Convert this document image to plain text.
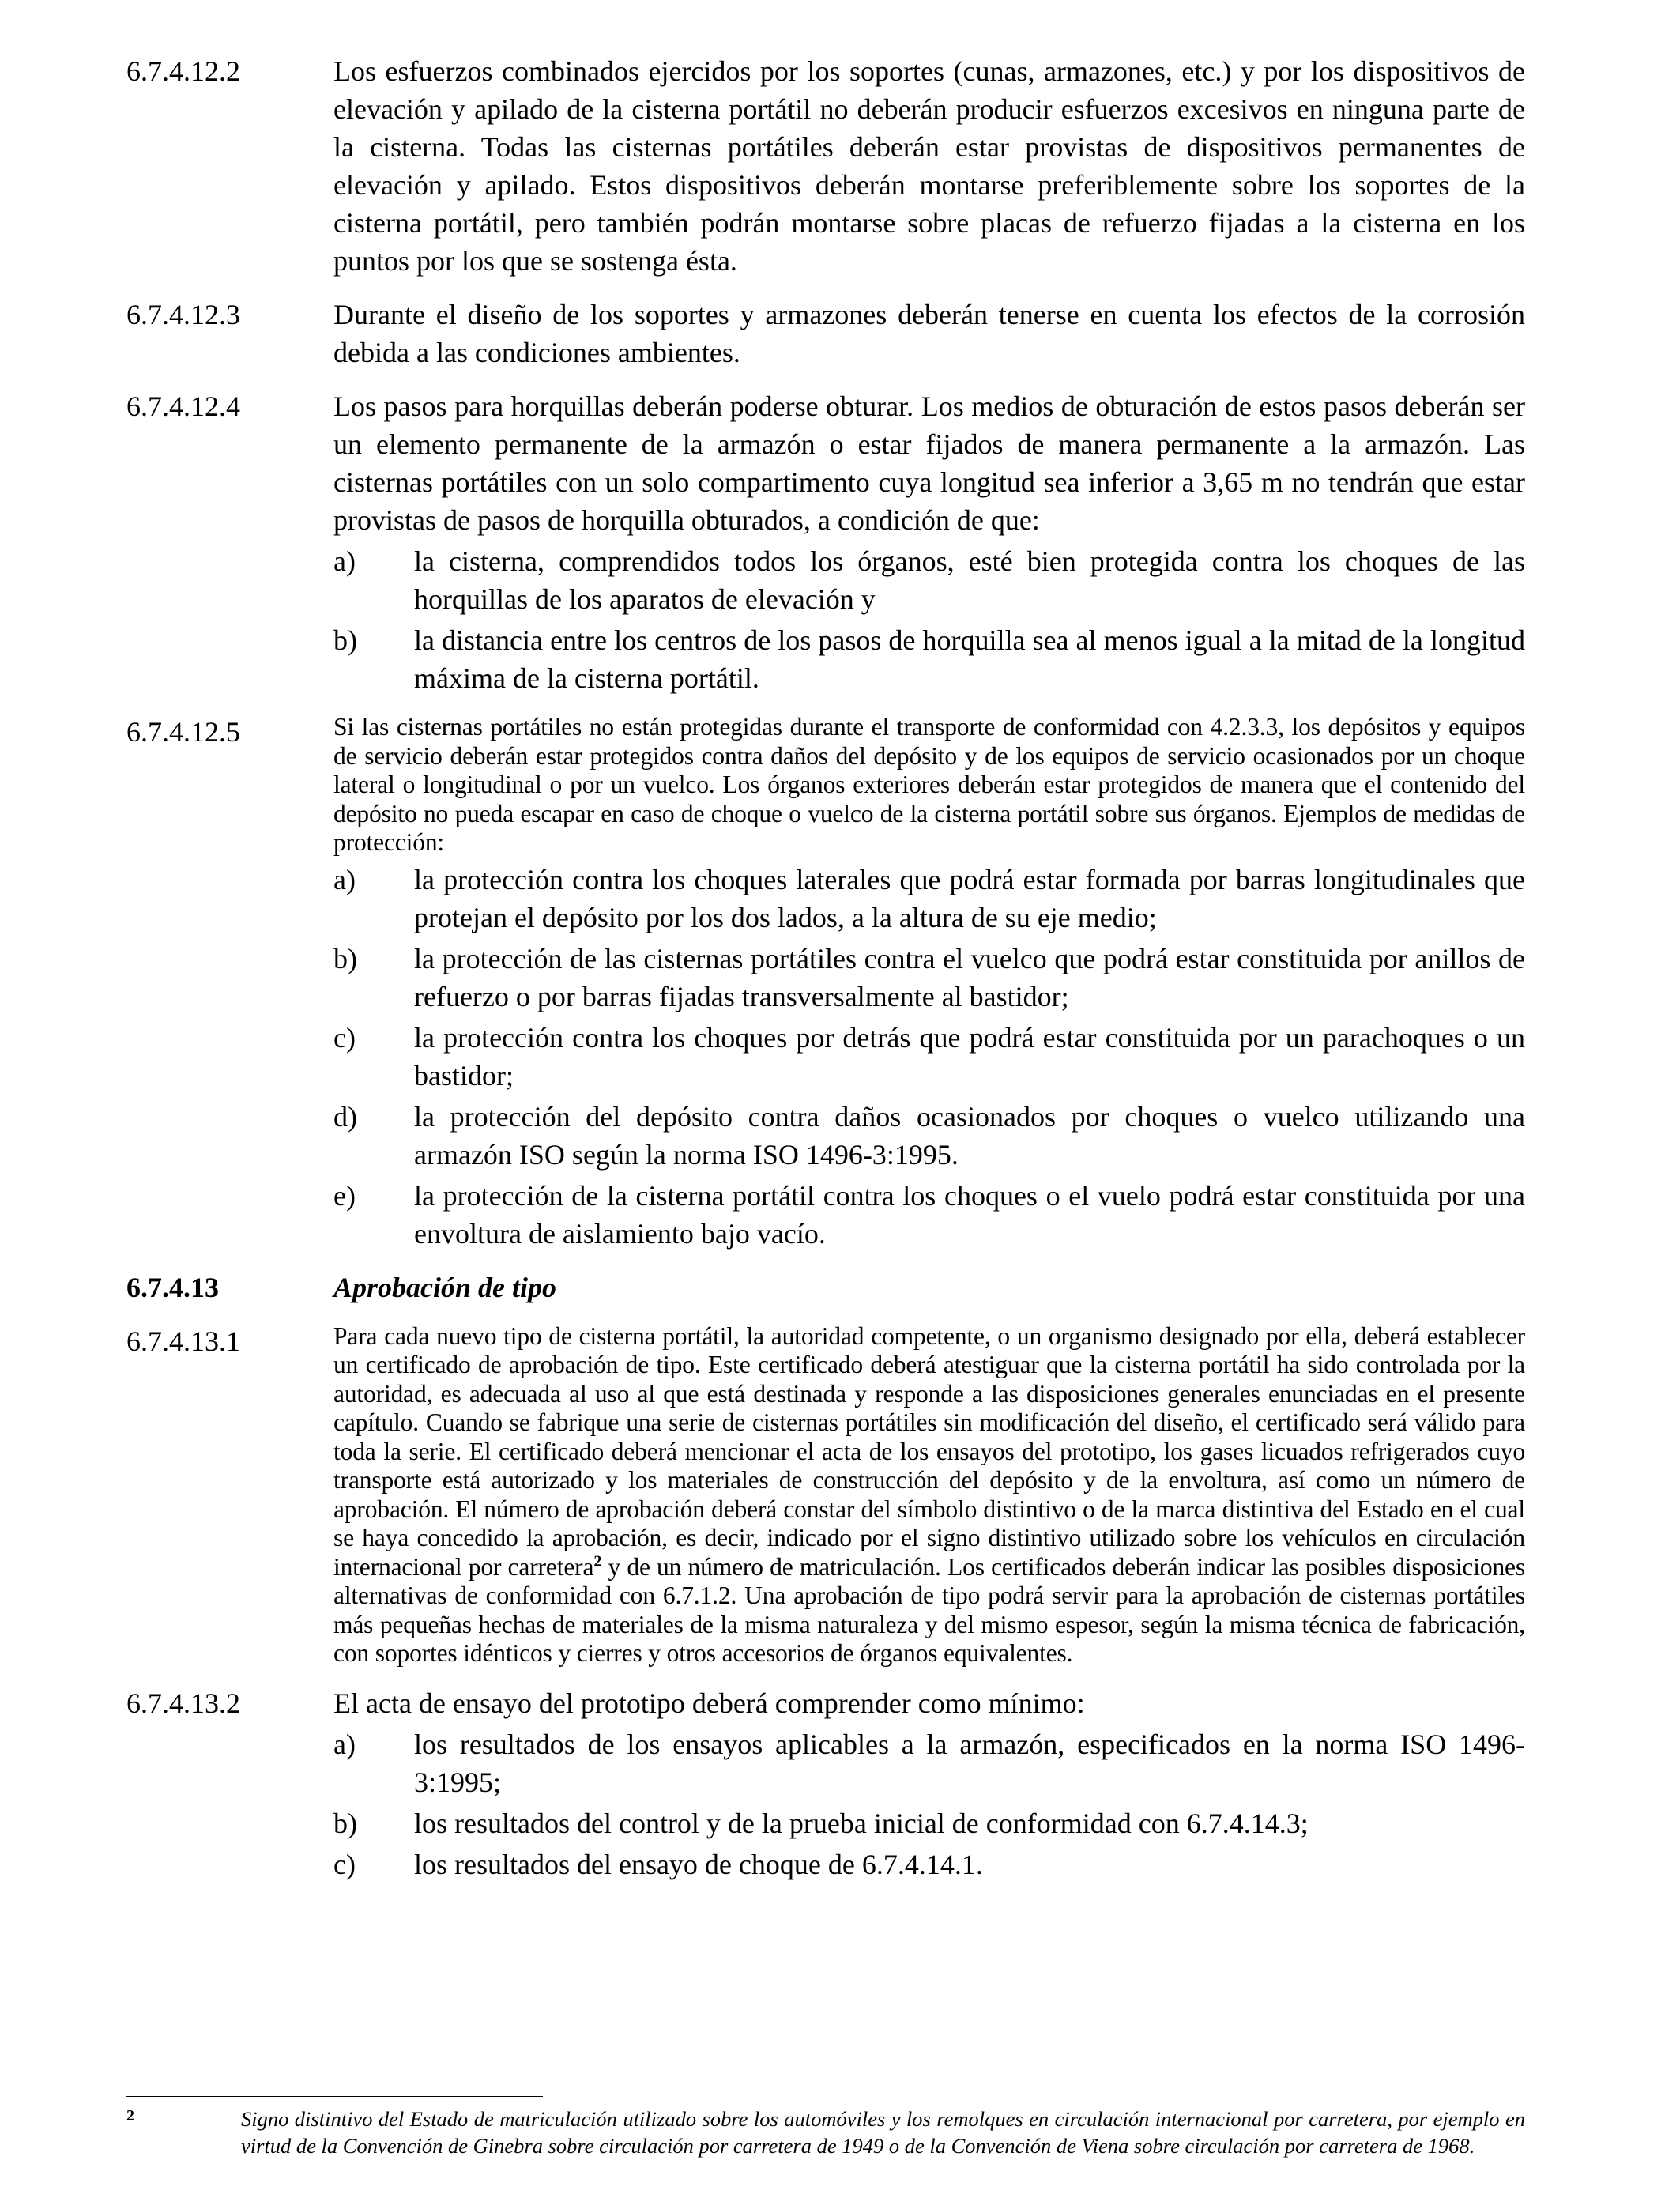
6.7.4.12.2	Los esfuerzos combinados ejercidos por los soportes (cunas, armazones, etc.) y por los dispositivos de elevación y apilado de la cisterna portátil no deberán producir esfuerzos excesivos en ninguna parte de la cisterna. Todas las cisternas portátiles deberán estar provistas de dispositivos permanentes de elevación y apilado. Estos dispositivos deberán montarse preferiblemente sobre los soportes de la cisterna portátil, pero también podrán montarse sobre placas de refuerzo fijadas a la cisterna en los puntos por los que se sostenga ésta.
6.7.4.12.3	Durante el diseño de los soportes y armazones deberán tenerse en cuenta los efectos de la corrosión debida a las condiciones ambientes.
6.7.4.12.4	Los pasos para horquillas deberán poderse obturar. Los medios de obturación de estos pasos deberán ser un elemento permanente de la armazón o estar fijados de manera permanente a la armazón. Las cisternas portátiles con un solo compartimento cuya longitud sea inferior a 3,65 m no tendrán que estar provistas de pasos de horquilla obturados, a condición de que:
a) la cisterna, comprendidos todos los órganos, esté bien protegida contra los choques de las horquillas de los aparatos de elevación y
b) la distancia entre los centros de los pasos de horquilla sea al menos igual a la mitad de la longitud máxima de la cisterna portátil.
6.7.4.12.5	Si las cisternas portátiles no están protegidas durante el transporte de conformidad con 4.2.3.3, los depósitos y equipos de servicio deberán estar protegidos contra daños del depósito y de los equipos de servicio ocasionados por un choque lateral o longitudinal o por un vuelco. Los órganos exteriores deberán estar protegidos de manera que el contenido del depósito no pueda escapar en caso de choque o vuelco de la cisterna portátil sobre sus órganos. Ejemplos de medidas de protección:
a) la protección contra los choques laterales que podrá estar formada por barras longitudinales que protejan el depósito por los dos lados, a la altura de su eje medio;
b) la protección de las cisternas portátiles contra el vuelco que podrá estar constituida por anillos de refuerzo o por barras fijadas transversalmente al bastidor;
c) la protección contra los choques por detrás que podrá estar constituida por un parachoques o un bastidor;
d) la protección del depósito contra daños ocasionados por choques o vuelco utilizando una armazón ISO según la norma ISO 1496-3:1995.
e) la protección de la cisterna portátil contra los choques o el vuelo podrá estar constituida por una envoltura de aislamiento bajo vacío.
6.7.4.13	Aprobación de tipo
6.7.4.13.1	Para cada nuevo tipo de cisterna portátil, la autoridad competente, o un organismo designado por ella, deberá establecer un certificado de aprobación de tipo. Este certificado deberá atestiguar que la cisterna portátil ha sido controlada por la autoridad, es adecuada al uso al que está destinada y responde a las disposiciones generales enunciadas en el presente capítulo. Cuando se fabrique una serie de cisternas portátiles sin modificación del diseño, el certificado será válido para toda la serie. El certificado deberá mencionar el acta de los ensayos del prototipo, los gases licuados refrigerados cuyo transporte está autorizado y los materiales de construcción del depósito y de la envoltura, así como un número de aprobación. El número de aprobación deberá constar del símbolo distintivo o de la marca distintiva del Estado en el cual se haya concedido la aprobación, es decir, indicado por el signo distintivo utilizado sobre los vehículos en circulación internacional por carretera$^2$ y de un número de matriculación. Los certificados deberán indicar las posibles disposiciones alternativas de conformidad con 6.7.1.2. Una aprobación de tipo podrá servir para la aprobación de cisternas portátiles más pequeñas hechas de materiales de la misma naturaleza y del mismo espesor, según la misma técnica de fabricación, con soportes idénticos y cierres y otros accesorios de órganos equivalentes.
6.7.4.13.2	El acta de ensayo del prototipo deberá comprender como mínimo:
a) los resultados de los ensayos aplicables a la armazón, especificados en la norma ISO 1496-3:1995;
b) los resultados del control y de la prueba inicial de conformidad con 6.7.4.14.3;
c) los resultados del ensayo de choque de 6.7.4.14.1.
2	Signo distintivo del Estado de matriculación utilizado sobre los automóviles y los remolques en circulación internacional por carretera, por ejemplo en virtud de la Convención de Ginebra sobre circulación por carretera de 1949 o de la Convención de Viena sobre circulación por carretera de 1968.
